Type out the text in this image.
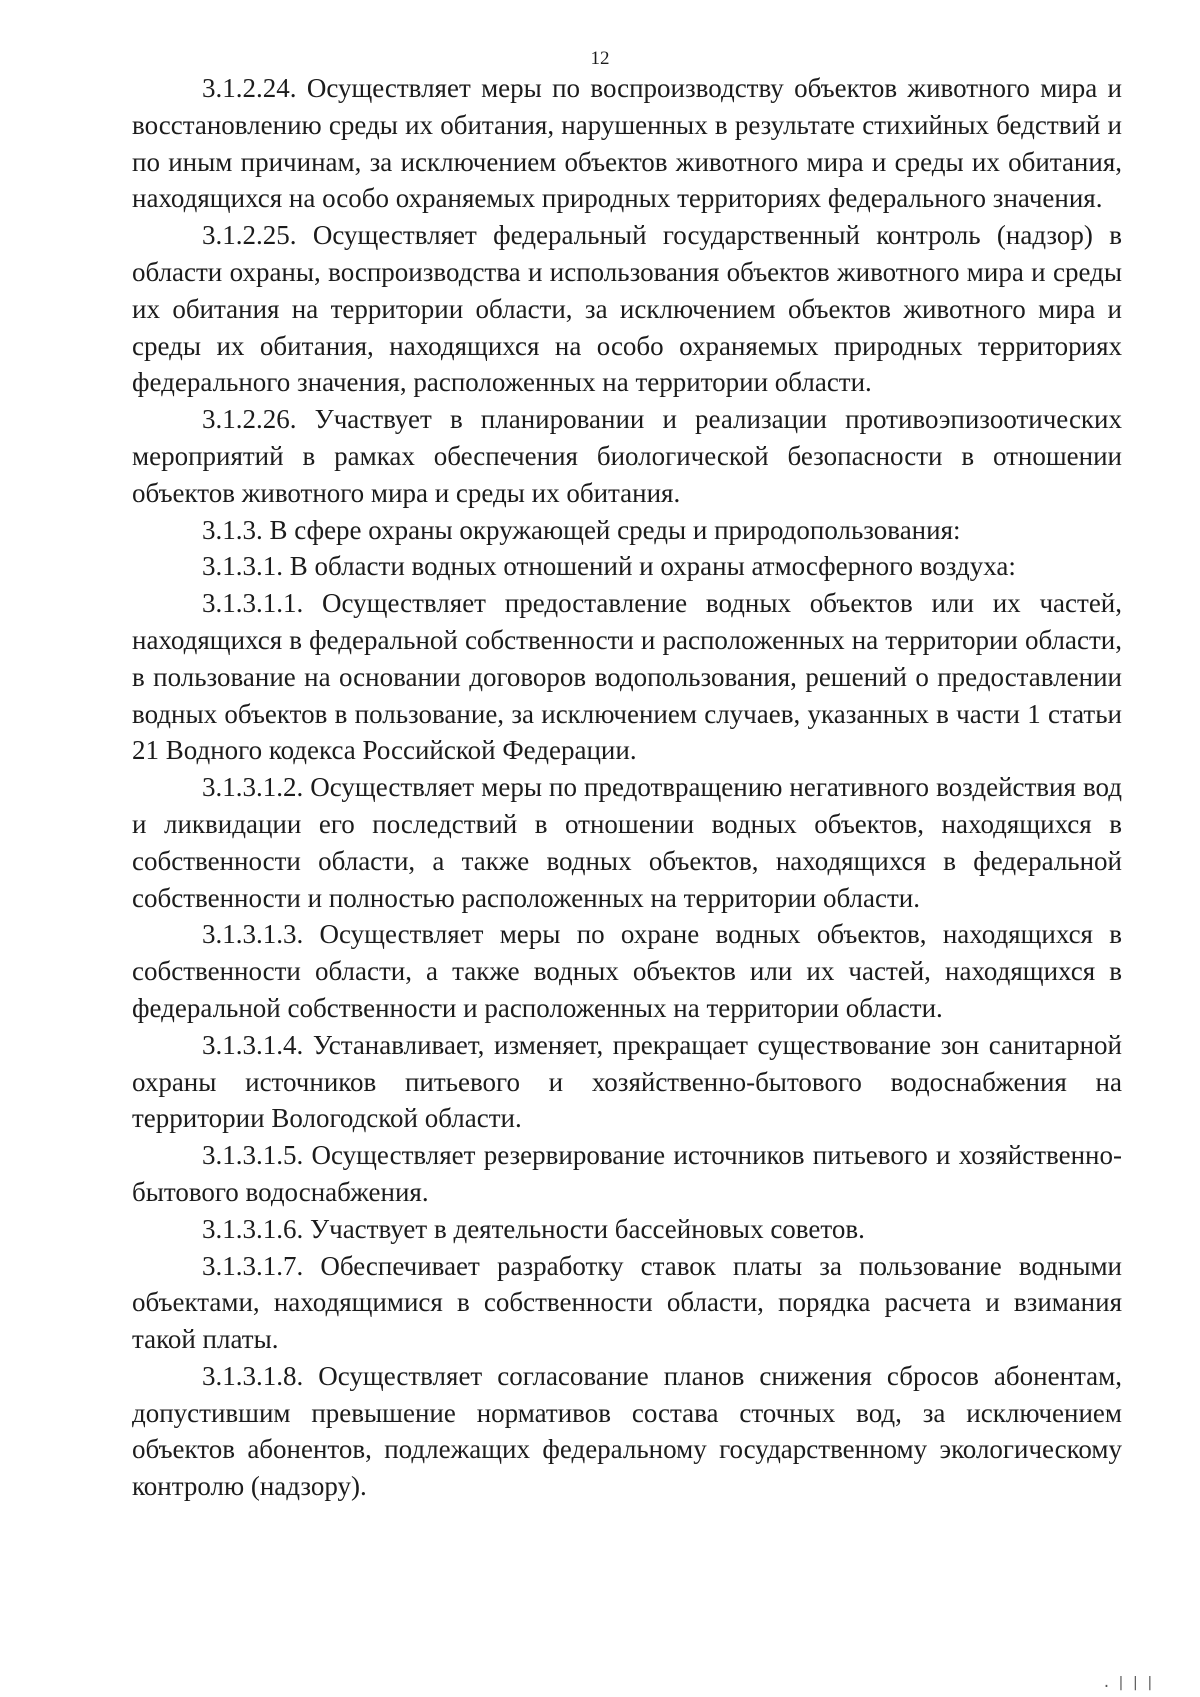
12

3.1.2.24. Осуществляет меры по воспроизводству объектов животного мира и восстановлению среды их обитания, нарушенных в результате стихийных бедствий и по иным причинам, за исключением объектов животного мира и среды их обитания, находящихся на особо охраняемых природных территориях федерального значения.

3.1.2.25. Осуществляет федеральный государственный контроль (надзор) в области охраны, воспроизводства и использования объектов животного мира и среды их обитания на территории области, за исключением объектов животного мира и среды их обитания, находящихся на особо охраняемых природных территориях федерального значения, расположенных на территории области.

3.1.2.26. Участвует в планировании и реализации противоэпизоотических мероприятий в рамках обеспечения биологической безопасности в отношении объектов животного мира и среды их обитания.

3.1.3. В сфере охраны окружающей среды и природопользования:

3.1.3.1. В области водных отношений и охраны атмосферного воздуха:

3.1.3.1.1. Осуществляет предоставление водных объектов или их частей, находящихся в федеральной собственности и расположенных на территории области, в пользование на основании договоров водопользования, решений о предоставлении водных объектов в пользование, за исключением случаев, указанных в части 1 статьи 21 Водного кодекса Российской Федерации.

3.1.3.1.2. Осуществляет меры по предотвращению негативного воздействия вод и ликвидации его последствий в отношении водных объектов, находящихся в собственности области, а также водных объектов, находящихся в федеральной собственности и полностью расположенных на территории области.

3.1.3.1.3. Осуществляет меры по охране водных объектов, находящихся в собственности области, а также водных объектов или их частей, находящихся в федеральной собственности и расположенных на территории области.

3.1.3.1.4. Устанавливает, изменяет, прекращает существование зон санитарной охраны источников питьевого и хозяйственно-бытового водоснабжения на территории Вологодской области.

3.1.3.1.5. Осуществляет резервирование источников питьевого и хозяйственно-бытового водоснабжения.

3.1.3.1.6. Участвует в деятельности бассейновых советов.

3.1.3.1.7. Обеспечивает разработку ставок платы за пользование водными объектами, находящимися в собственности области, порядка расчета и взимания такой платы.

3.1.3.1.8. Осуществляет согласование планов снижения сбросов абонентам, допустившим превышение нормативов состава сточных вод, за исключением объектов абонентов, подлежащих федеральному государственному экологическому контролю (надзору).

.|||
